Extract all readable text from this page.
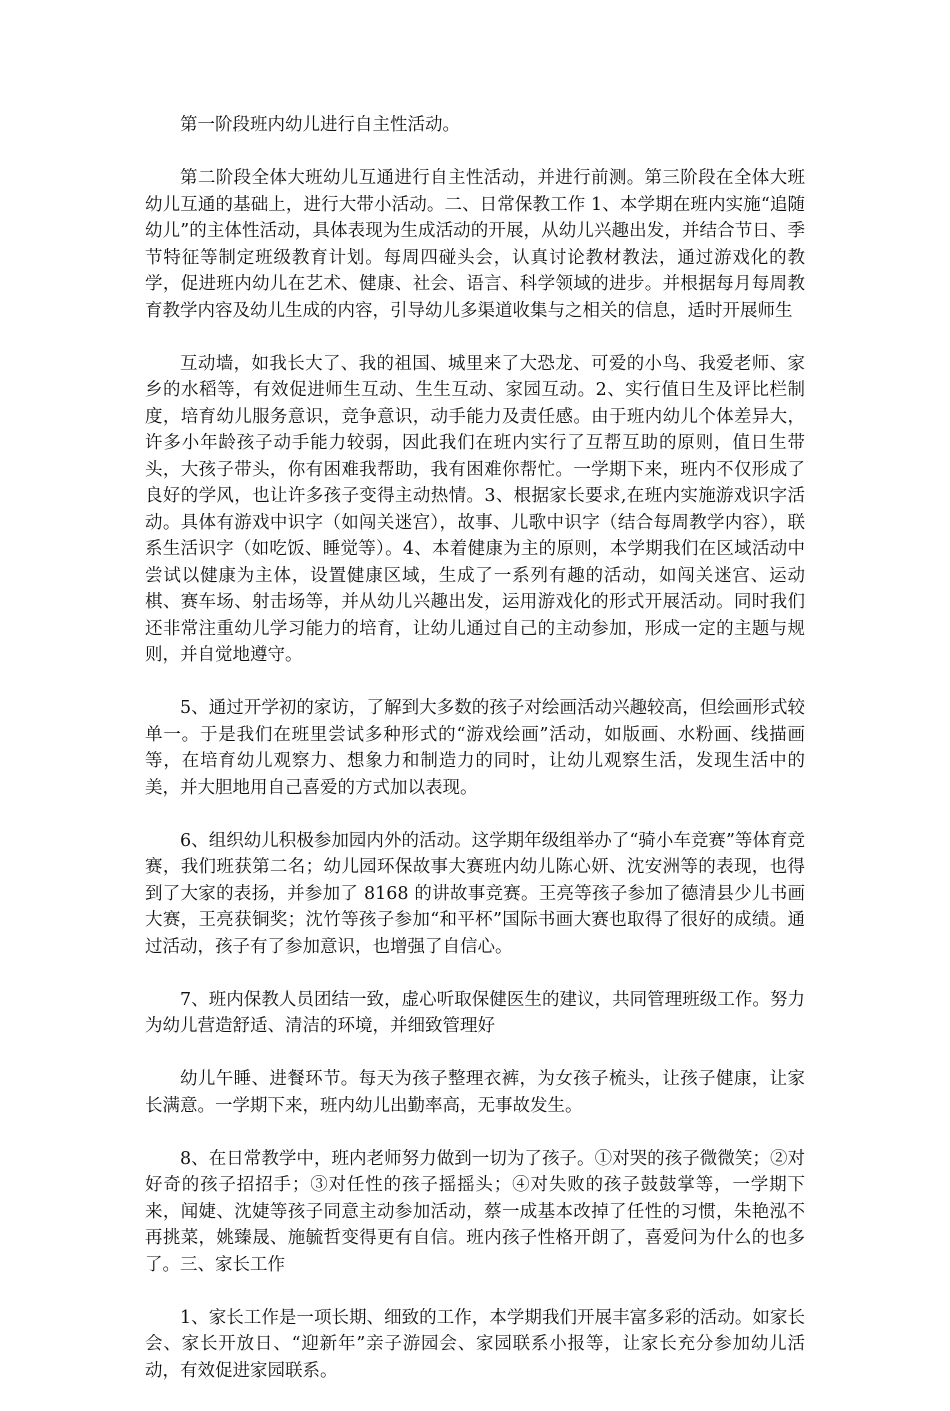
第一阶段班内幼儿进行自主性活动。

第二阶段全体大班幼儿互通进行自主性活动，并进行前测。第三阶段在全体大班幼儿互通的基础上，进行大带小活动。二、日常保教工作 1、本学期在班内实施“追随幼儿”的主体性活动，具体表现为生成活动的开展，从幼儿兴趣出发，并结合节日、季节特征等制定班级教育计划。每周四碰头会，认真讨论教材教法，通过游戏化的教学，促进班内幼儿在艺术、健康、社会、语言、科学领域的进步。并根据每月每周教育教学内容及幼儿生成的内容，引导幼儿多渠道收集与之相关的信息，适时开展师生

互动墙，如我长大了、我的祖国、城里来了大恐龙、可爱的小鸟、我爱老师、家乡的水稻等，有效促进师生互动、生生互动、家园互动。2、实行值日生及评比栏制度，培育幼儿服务意识，竞争意识，动手能力及责任感。由于班内幼儿个体差异大，许多小年龄孩子动手能力较弱，因此我们在班内实行了互帮互助的原则，值日生带头，大孩子带头，你有困难我帮助，我有困难你帮忙。一学期下来，班内不仅形成了良好的学风，也让许多孩子变得主动热情。3、根据家长要求,在班内实施游戏识字活动。具体有游戏中识字（如闯关迷宫），故事、儿歌中识字（结合每周教学内容），联系生活识字（如吃饭、睡觉等）。4、本着健康为主的原则，本学期我们在区域活动中尝试以健康为主体，设置健康区域，生成了一系列有趣的活动，如闯关迷宫、运动棋、赛车场、射击场等，并从幼儿兴趣出发，运用游戏化的形式开展活动。同时我们还非常注重幼儿学习能力的培育，让幼儿通过自己的主动参加，形成一定的主题与规则，并自觉地遵守。

5、通过开学初的家访，了解到大多数的孩子对绘画活动兴趣较高，但绘画形式较单一。于是我们在班里尝试多种形式的“游戏绘画”活动，如版画、水粉画、线描画等，在培育幼儿观察力、想象力和制造力的同时，让幼儿观察生活，发现生活中的美，并大胆地用自己喜爱的方式加以表现。

6、组织幼儿积极参加园内外的活动。这学期年级组举办了“骑小车竞赛”等体育竞赛，我们班获第二名；幼儿园环保故事大赛班内幼儿陈心妍、沈安洲等的表现，也得到了大家的表扬，并参加了 8168 的讲故事竞赛。王亮等孩子参加了德清县少儿书画大赛，王亮获铜奖；沈竹等孩子参加“和平杯”国际书画大赛也取得了很好的成绩。通过活动，孩子有了参加意识，也增强了自信心。

7、班内保教人员团结一致，虚心听取保健医生的建议，共同管理班级工作。努力为幼儿营造舒适、清洁的环境，并细致管理好

幼儿午睡、进餐环节。每天为孩子整理衣裤，为女孩子梳头，让孩子健康，让家长满意。一学期下来，班内幼儿出勤率高，无事故发生。

8、在日常教学中，班内老师努力做到一切为了孩子。①对哭的孩子微微笑；②对好奇的孩子招招手；③对任性的孩子摇摇头；④对失败的孩子鼓鼓掌等，一学期下来，闻婕、沈婕等孩子同意主动参加活动，蔡一成基本改掉了任性的习惯，朱艳泓不再挑菜，姚臻晟、施毓哲变得更有自信。班内孩子性格开朗了，喜爱问为什么的也多了。三、家长工作

1、家长工作是一项长期、细致的工作，本学期我们开展丰富多彩的活动。如家长会、家长开放日、“迎新年”亲子游园会、家园联系小报等，让家长充分参加幼儿活动，有效促进家园联系。
